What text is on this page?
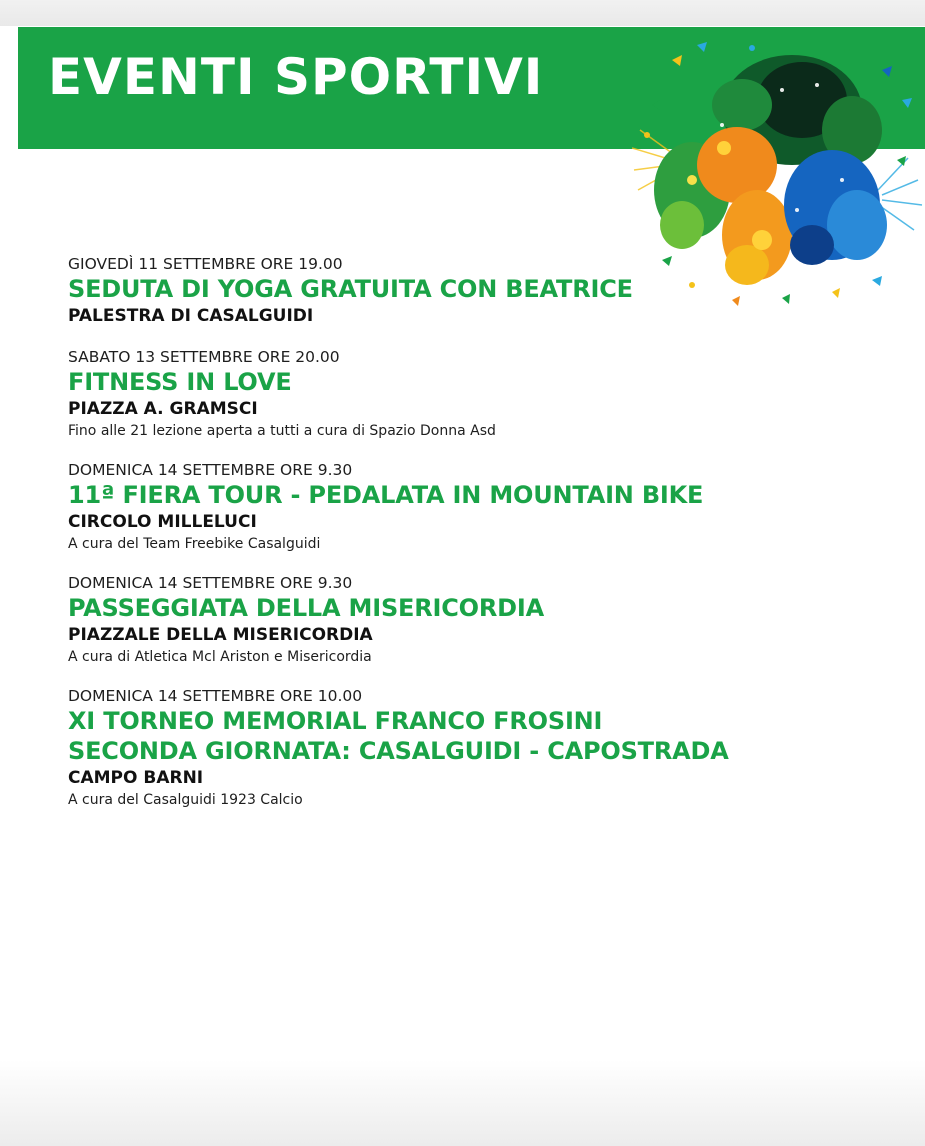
EVENTI SPORTIVI
GIOVEDÌ 11 SETTEMBRE ORE 19.00
SEDUTA DI YOGA GRATUITA CON BEATRICE
PALESTRA DI CASALGUIDI
SABATO 13 SETTEMBRE ORE 20.00
FITNESS IN LOVE
PIAZZA A. GRAMSCI
Fino alle 21 lezione aperta a tutti a cura di Spazio Donna Asd
DOMENICA 14 SETTEMBRE ORE 9.30
11ª FIERA TOUR - PEDALATA IN MOUNTAIN BIKE
CIRCOLO MILLELUCI
A cura del Team Freebike Casalguidi
DOMENICA 14 SETTEMBRE ORE 9.30
PASSEGGIATA DELLA MISERICORDIA
PIAZZALE DELLA MISERICORDIA
A cura di Atletica Mcl Ariston e Misericordia
DOMENICA 14 SETTEMBRE ORE 10.00
XI TORNEO MEMORIAL FRANCO FROSINI
SECONDA GIORNATA: CASALGUIDI - CAPOSTRADA
CAMPO BARNI
A cura del Casalguidi 1923 Calcio
